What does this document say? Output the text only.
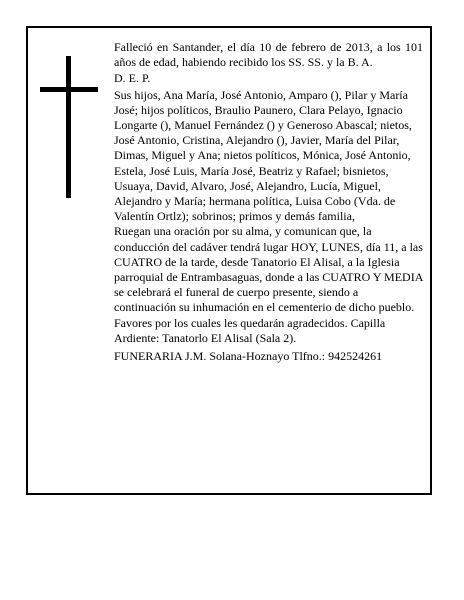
Falleció en Santander, el día 10 de febrero de 2013, a los 101 años de edad, habiendo recibido los SS. SS. y la B. A.

D. E. P.

Sus hijos, Ana María, José Antonio, Amparo (), Pilar y María José; hijos políticos, Braulio Paunero, Clara Pelayo, Ignacio Longarte (), Manuel Fernández () y Generoso Abascal; nietos, José Antonio, Cristina, Alejandro (), Javier, María del Pilar, Dimas, Miguel y Ana; nietos políticos, Mónica, José Antonio, Estela, José Luis, María José, Beatriz y Rafael; bisnietos, Usuaya, David, Alvaro, José, Alejandro, Lucía, Miguel, Alejandro y María; hermana política, Luisa Cobo (Vda. de Valentín Ortlz); sobrinos; primos y demás familia,

Ruegan una oración por su alma, y comunican que, la conducción del cadáver tendrá lugar HOY, LUNES, día 11, a las CUATRO de la tarde, desde Tanatorio El Alisal, a la Iglesia parroquial de Entrambasaguas, donde a las CUATRO Y MEDIA se celebrará el funeral de cuerpo presente, siendo a continuación su inhumación en el cementerio de dicho pueblo. Favores por los cuales les quedarán agradecidos. Capilla Ardiente: Tanatorlo El Alisal (Sala 2).

FUNERARIA J.M. Solana-Hoznayo Tlfno.: 942524261
